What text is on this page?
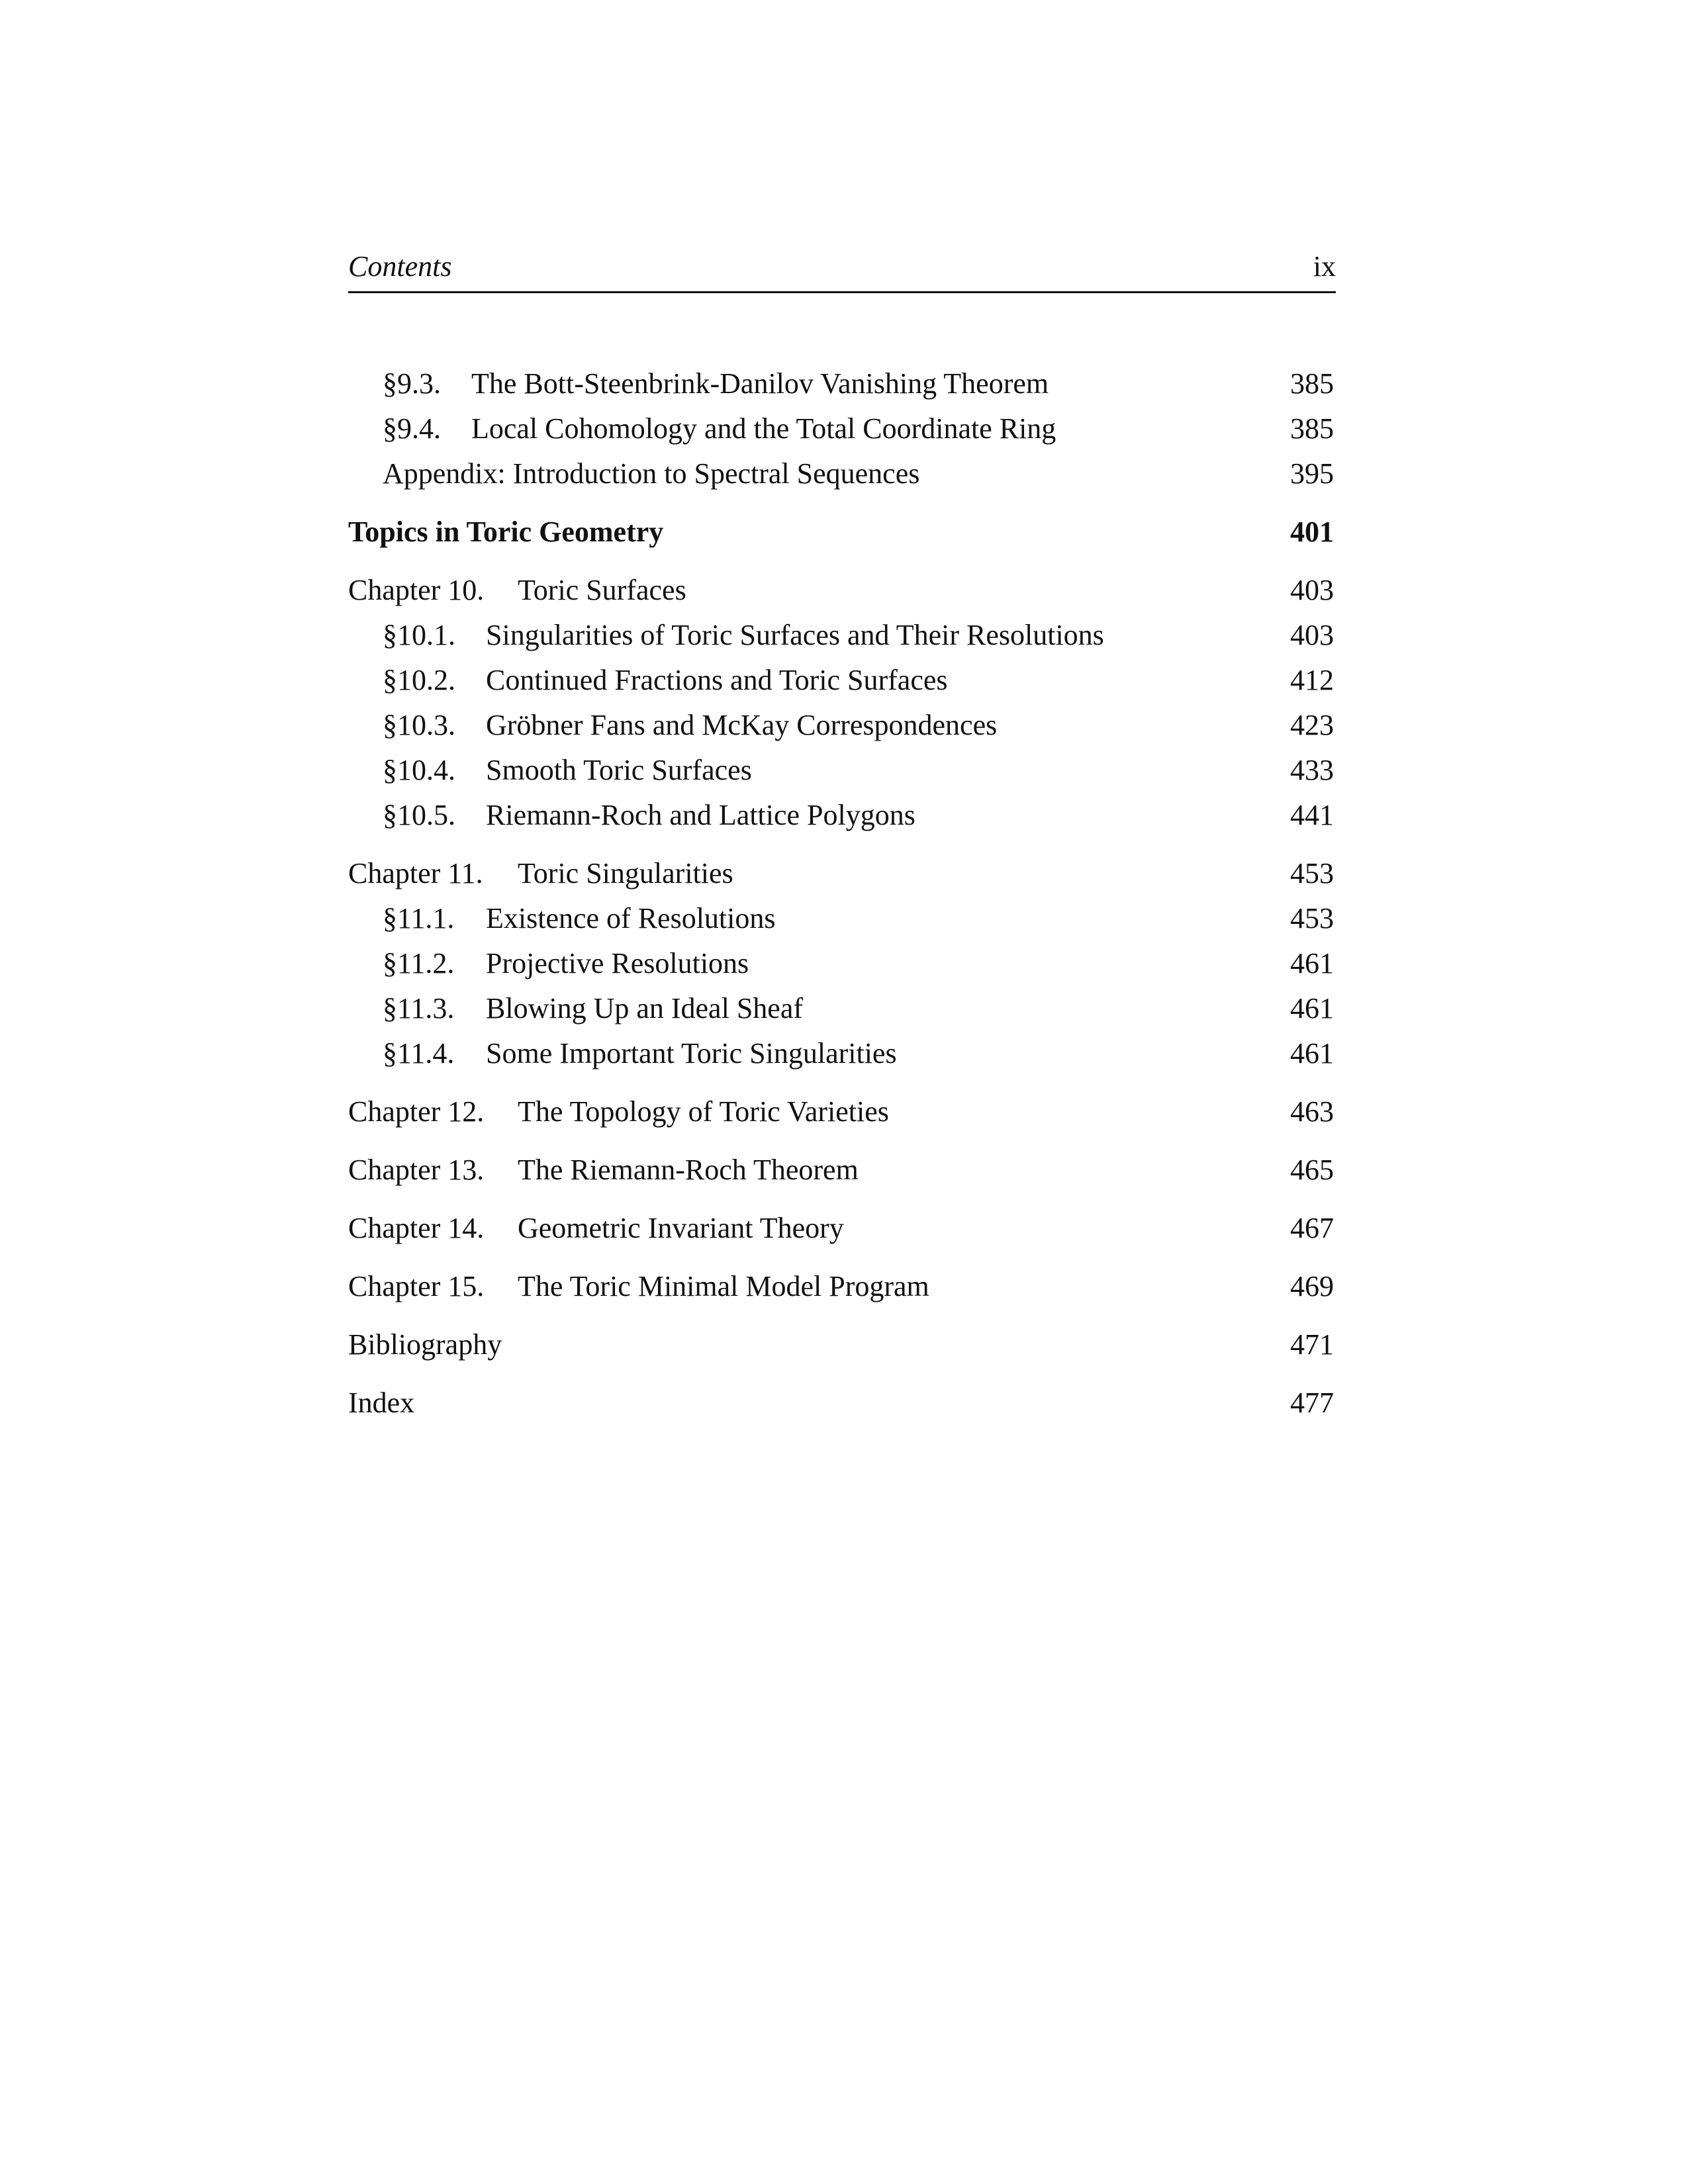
Contents	ix
§9.3. The Bott-Steenbrink-Danilov Vanishing Theorem	385
§9.4. Local Cohomology and the Total Coordinate Ring	385
Appendix: Introduction to Spectral Sequences	395
Topics in Toric Geometry	401
Chapter 10. Toric Surfaces	403
§10.1. Singularities of Toric Surfaces and Their Resolutions	403
§10.2. Continued Fractions and Toric Surfaces	412
§10.3. Gröbner Fans and McKay Correspondences	423
§10.4. Smooth Toric Surfaces	433
§10.5. Riemann-Roch and Lattice Polygons	441
Chapter 11. Toric Singularities	453
§11.1. Existence of Resolutions	453
§11.2. Projective Resolutions	461
§11.3. Blowing Up an Ideal Sheaf	461
§11.4. Some Important Toric Singularities	461
Chapter 12. The Topology of Toric Varieties	463
Chapter 13. The Riemann-Roch Theorem	465
Chapter 14. Geometric Invariant Theory	467
Chapter 15. The Toric Minimal Model Program	469
Bibliography	471
Index	477
